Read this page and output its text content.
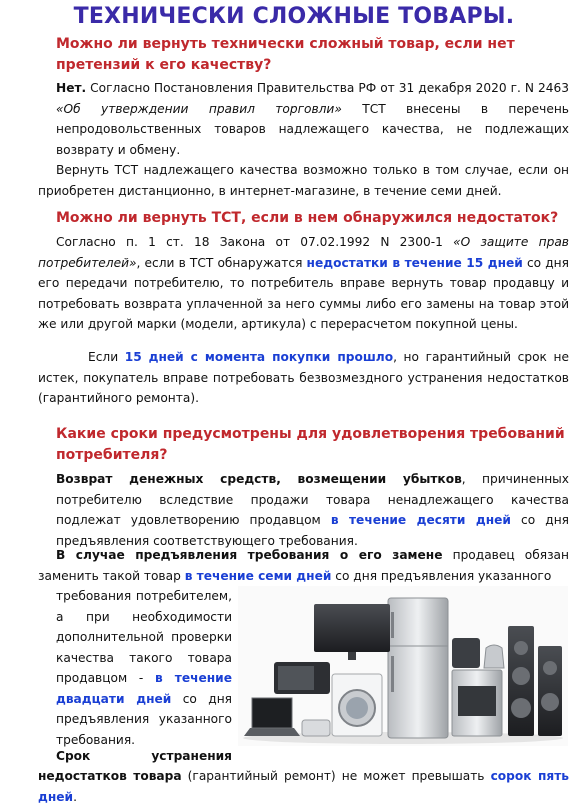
ТЕХНИЧЕСКИ СЛОЖНЫЕ ТОВАРЫ.
Можно ли вернуть технически сложный товар, если нет претензий к его качеству?
Нет. Согласно Постановления Правительства РФ от 31 декабря 2020 г. N 2463 «Об утверждении правил торговли» ТСТ внесены в перечень непродовольственных товаров надлежащего качества, не подлежащих возврату и обмену.
Вернуть ТСТ надлежащего качества возможно только в том случае, если он приобретен дистанционно, в интернет-магазине, в течение семи дней.
Можно ли вернуть ТСТ, если в нем обнаружился недостаток?
Согласно п. 1 ст. 18 Закона от 07.02.1992 N 2300-1 «О защите прав потребителей», если в ТСТ обнаружатся недостатки в течение 15 дней со дня его передачи потребителю, то потребитель вправе вернуть товар продавцу и потребовать возврата уплаченной за него суммы либо его замены на товар этой же или другой марки (модели, артикула) с перерасчетом покупной цены.
Если 15 дней с момента покупки прошло, но гарантийный срок не истек, покупатель вправе потребовать безвозмездного устранения недостатков (гарантийного ремонта).
Какие сроки предусмотрены для удовлетворения требований потребителя?
Возврат денежных средств, возмещении убытков, причиненных потребителю вследствие продажи товара ненадлежащего качества подлежат удовлетворению продавцом в течение десяти дней со дня предъявления соответствующего требования.
В случае предъявления требования о его замене продавец обязан заменить такой товар в течение семи дней со дня предъявления указанного
требования потребителем, а при необходимости дополнительной проверки качества такого товара продавцом - в течение двадцати дней со дня предъявления указанного требования.
Срок устранения
недостатков товара (гарантийный ремонт) не может превышать сорок пять дней.
